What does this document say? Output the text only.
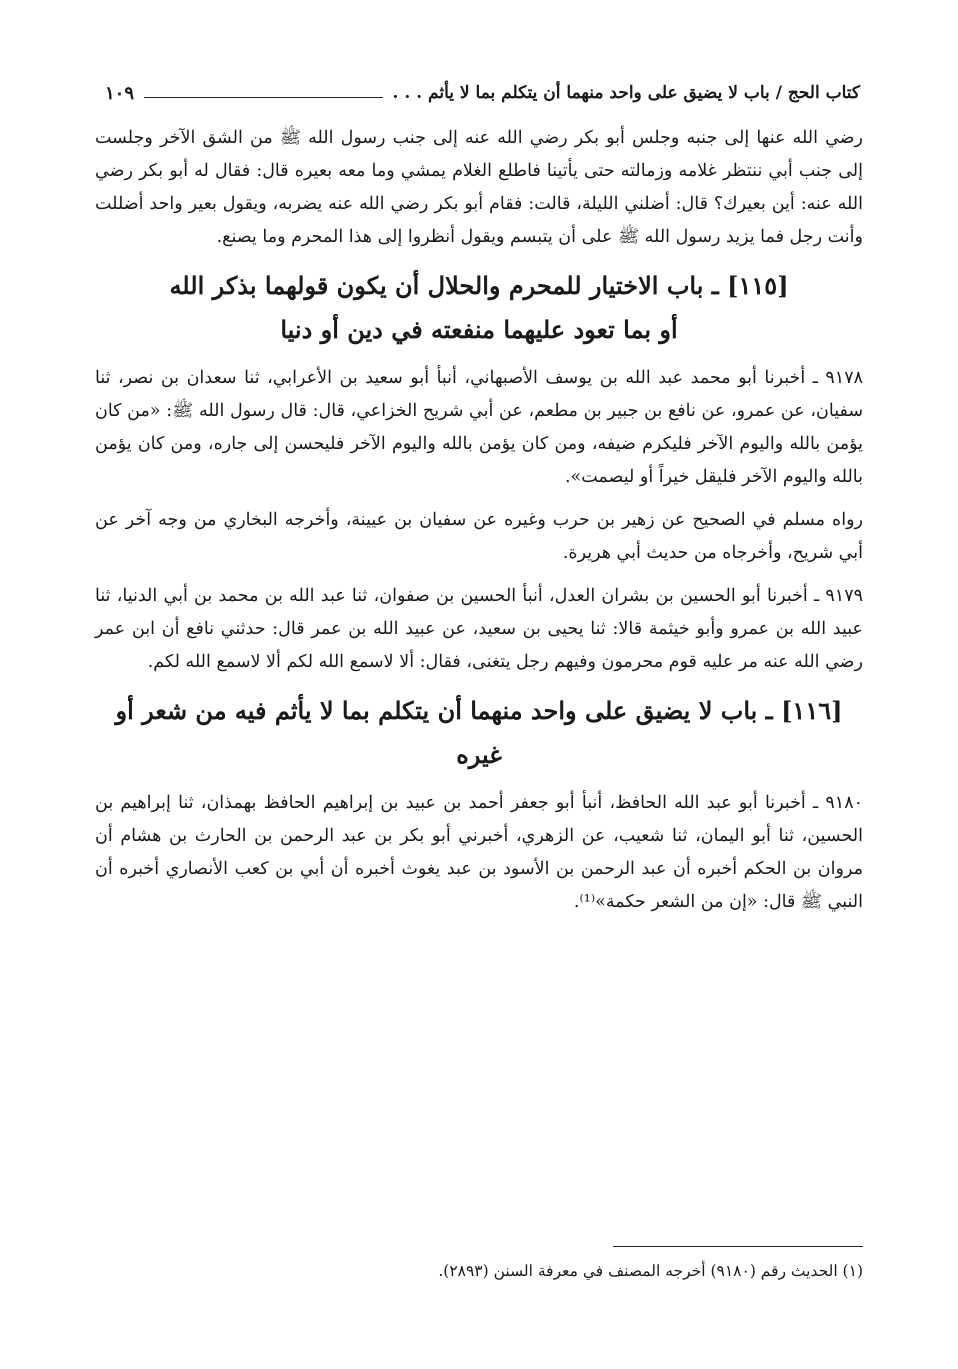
كتاب الحج / باب لا يضيق على واحد منهما أن يتكلم بما لا يأثم . . .
١٠٩

رضي الله عنها إلى جنبه وجلس أبو بكر رضي الله عنه إلى جنب رسول الله ﷺ من الشق الآخر وجلست إلى جنب أبي ننتظر غلامه وزمالته حتى يأتينا فاطلع الغلام يمشي وما معه بعيره قال: فقال له أبو بكر رضي الله عنه: أين بعيرك؟ قال: أضلني الليلة، قالت: فقام أبو بكر رضي الله عنه يضربه، ويقول بعير واحد أضللت وأنت رجل فما يزيد رسول الله ﷺ على أن يتبسم ويقول أنظروا إلى هذا المحرم وما يصنع.

[١١٥] ـ باب الاختيار للمحرم والحلال أن يكون قولهما بذكر الله
أو بما تعود عليهما منفعته في دين أو دنيا

٩١٧٨ ـ أخبرنا أبو محمد عبد الله بن يوسف الأصبهاني، أنبأ أبو سعيد بن الأعرابي، ثنا سعدان بن نصر، ثنا سفيان، عن عمرو، عن نافع بن جبير بن مطعم، عن أبي شريح الخزاعي، قال: قال رسول الله ﷺ: «من كان يؤمن بالله واليوم الآخر فليكرم ضيفه، ومن كان يؤمن بالله واليوم الآخر فليحسن إلى جاره، ومن كان يؤمن بالله واليوم الآخر فليقل خيراً أو ليصمت».

رواه مسلم في الصحيح عن زهير بن حرب وغيره عن سفيان بن عيينة، وأخرجه البخاري من وجه آخر عن أبي شريح، وأخرجاه من حديث أبي هريرة.

٩١٧٩ ـ أخبرنا أبو الحسين بن بشران العدل، أنبأ الحسين بن صفوان، ثنا عبد الله بن محمد بن أبي الدنيا، ثنا عبيد الله بن عمرو وأبو خيثمة قالا: ثنا يحيى بن سعيد، عن عبيد الله بن عمر قال: حدثني نافع أن ابن عمر رضي الله عنه مر عليه قوم محرمون وفيهم رجل يتغنى، فقال: ألا لاسمع الله لكم ألا لاسمع الله لكم.

[١١٦] ـ باب لا يضيق على واحد منهما أن يتكلم بما لا يأثم فيه من شعر أو
غيره

٩١٨٠ ـ أخبرنا أبو عبد الله الحافظ، أنبأ أبو جعفر أحمد بن عبيد بن إبراهيم الحافظ بهمذان، ثنا إبراهيم بن الحسين، ثنا أبو اليمان، ثنا شعيب، عن الزهري، أخبرني أبو بكر بن عبد الرحمن بن الحارث بن هشام أن مروان بن الحكم أخبره أن عبد الرحمن بن الأسود بن عبد يغوث أخبره أن أبي بن كعب الأنصاري أخبره أن النبي ﷺ قال: «إن من الشعر حكمة»⁽¹⁾.

(١) الحديث رقم (٩١٨٠) أخرجه المصنف في معرفة السنن (٢٨٩٣).
